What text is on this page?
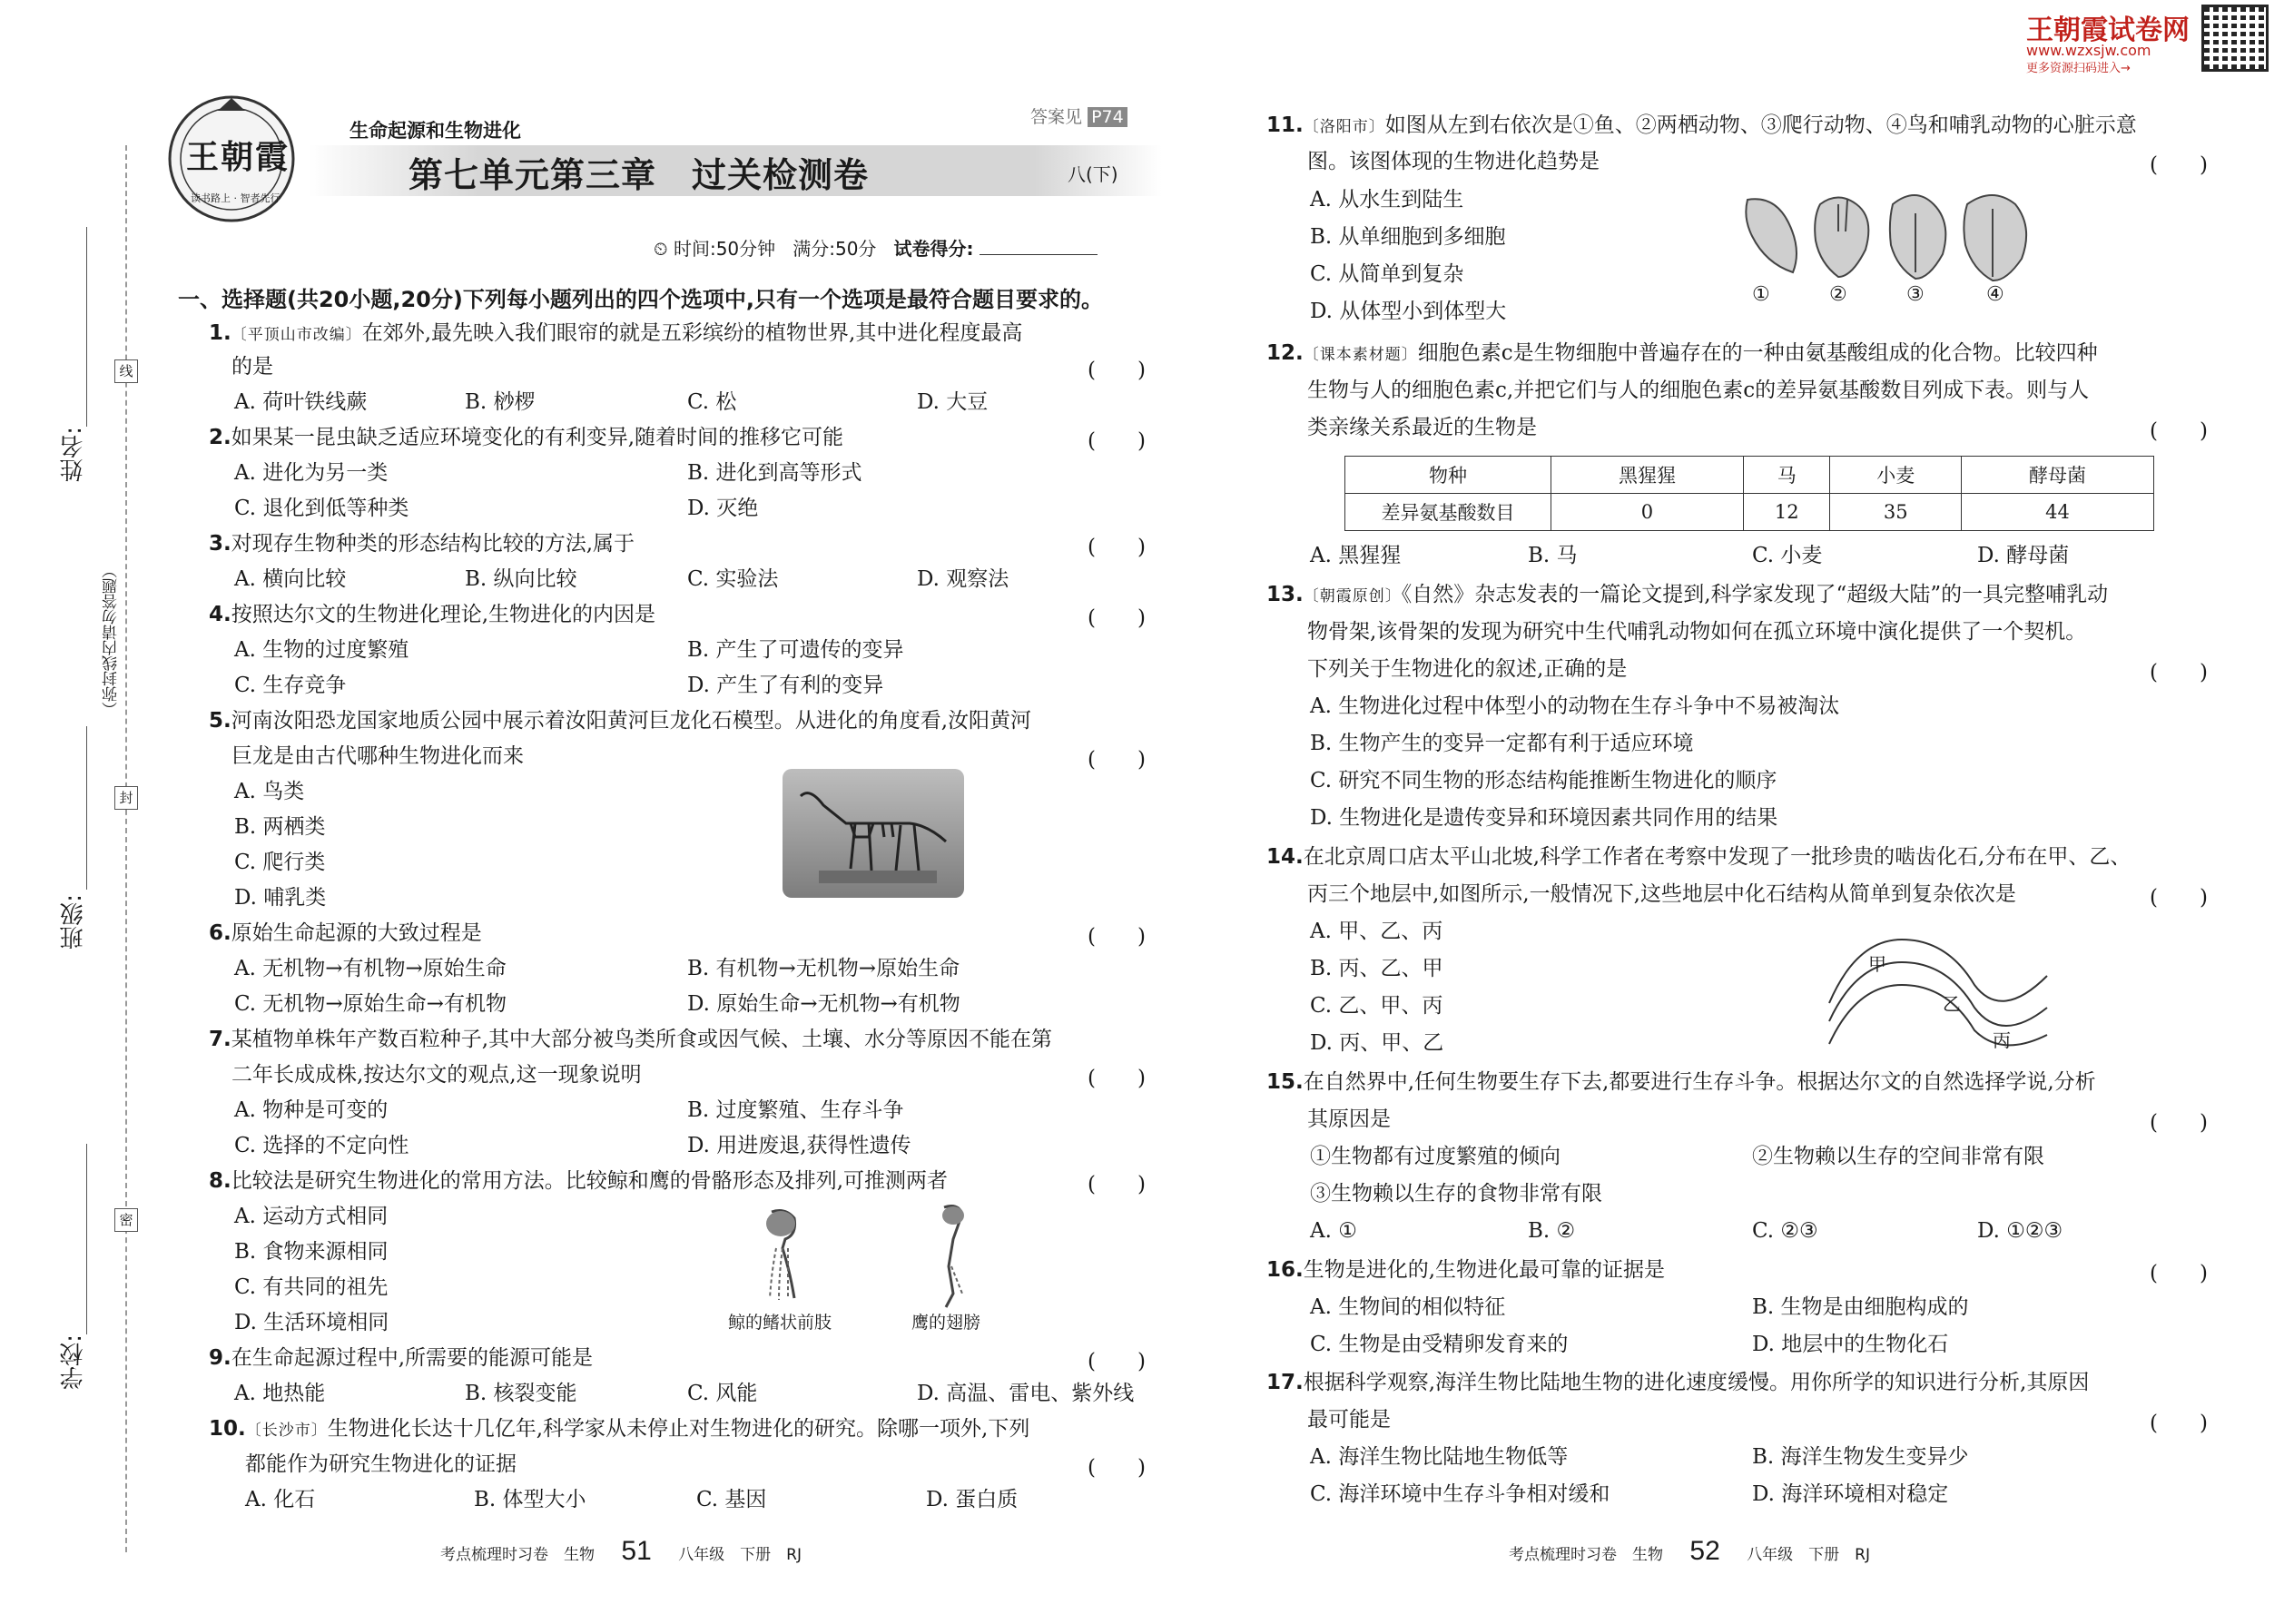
线
封
密
（弥封线内请勿答题）
姓名:
班级:
学校:
王朝霞
读书路上 · 智者先行
生命起源和生物进化
答案见 P74
第七单元第三章　过关检测卷	八(下)
⏲ 时间:50分钟 满分:50分 试卷得分:
一、选择题(共20小题,20分)下列每小题列出的四个选项中,只有一个选项是最符合题目要求的。
1.〔平顶山市改编〕在郊外,最先映入我们眼帘的就是五彩缤纷的植物世界,其中进化程度最高
的是	(　　)
A. 荷叶铁线蕨	B. 桫椤	C. 松	D. 大豆
2.如果某一昆虫缺乏适应环境变化的有利变异,随着时间的推移它可能	(　　)
A. 进化为另一类	B. 进化到高等形式
C. 退化到低等种类	D. 灭绝
3.对现存生物种类的形态结构比较的方法,属于	(　　)
A. 横向比较	B. 纵向比较	C. 实验法	D. 观察法
4.按照达尔文的生物进化理论,生物进化的内因是	(　　)
A. 生物的过度繁殖	B. 产生了可遗传的变异
C. 生存竞争	D. 产生了有利的变异
5.河南汝阳恐龙国家地质公园中展示着汝阳黄河巨龙化石模型。从进化的角度看,汝阳黄河
巨龙是由古代哪种生物进化而来	(　　)
A. 鸟类
B. 两栖类
C. 爬行类
D. 哺乳类
6.原始生命起源的大致过程是	(　　)
A. 无机物→有机物→原始生命	B. 有机物→无机物→原始生命
C. 无机物→原始生命→有机物	D. 原始生命→无机物→有机物
7.某植物单株年产数百粒种子,其中大部分被鸟类所食或因气候、土壤、水分等原因不能在第
二年长成成株,按达尔文的观点,这一现象说明	(　　)
A. 物种是可变的	B. 过度繁殖、生存斗争
C. 选择的不定向性	D. 用进废退,获得性遗传
8.比较法是研究生物进化的常用方法。比较鲸和鹰的骨骼形态及排列,可推测两者	(　　)
A. 运动方式相同
B. 食物来源相同
C. 有共同的祖先
D. 生活环境相同	鲸的鳍状前肢	鹰的翅膀
9.在生命起源过程中,所需要的能源可能是	(　　)
A. 地热能	B. 核裂变能	C. 风能	D. 高温、雷电、紫外线
10.〔长沙市〕生物进化长达十几亿年,科学家从未停止对生物进化的研究。除哪一项外,下列
都能作为研究生物进化的证据	(　　)
A. 化石	B. 体型大小	C. 基因	D. 蛋白质
考点梳理时习卷　生物 51 八年级　下册　RJ
王朝霞试卷网
www.wzxsjw.com
更多资源扫码进入→
11.〔洛阳市〕如图从左到右依次是①鱼、②两栖动物、③爬行动物、④鸟和哺乳动物的心脏示意
图。该图体现的生物进化趋势是	(　　)
A. 从水生到陆生
B. 从单细胞到多细胞
C. 从简单到复杂
D. 从体型小到体型大
①	②	③	④
12.〔课本素材题〕细胞色素c是生物细胞中普遍存在的一种由氨基酸组成的化合物。比较四种
生物与人的细胞色素c,并把它们与人的细胞色素c的差异氨基酸数目列成下表。则与人
类亲缘关系最近的生物是	(　　)
物种	黑猩猩	马	小麦	酵母菌
差异氨基酸数目	0	12	35	44
A. 黑猩猩	B. 马	C. 小麦	D. 酵母菌
13.〔朝霞原创〕《自然》杂志发表的一篇论文提到,科学家发现了“超级大陆”的一具完整哺乳动
物骨架,该骨架的发现为研究中生代哺乳动物如何在孤立环境中演化提供了一个契机。
下列关于生物进化的叙述,正确的是	(　　)
A. 生物进化过程中体型小的动物在生存斗争中不易被淘汰
B. 生物产生的变异一定都有利于适应环境
C. 研究不同生物的形态结构能推断生物进化的顺序
D. 生物进化是遗传变异和环境因素共同作用的结果
14.在北京周口店太平山北坡,科学工作者在考察中发现了一批珍贵的啮齿化石,分布在甲、乙、
丙三个地层中,如图所示,一般情况下,这些地层中化石结构从简单到复杂依次是	(　　)
A. 甲、乙、丙
B. 丙、乙、甲
C. 乙、甲、丙
D. 丙、甲、乙
甲
乙
丙
15.在自然界中,任何生物要生存下去,都要进行生存斗争。根据达尔文的自然选择学说,分析
其原因是	(　　)
①生物都有过度繁殖的倾向	②生物赖以生存的空间非常有限
③生物赖以生存的食物非常有限
A. ①	B. ②	C. ②③	D. ①②③
16.生物是进化的,生物进化最可靠的证据是	(　　)
A. 生物间的相似特征	B. 生物是由细胞构成的
C. 生物是由受精卵发育来的	D. 地层中的生物化石
17.根据科学观察,海洋生物比陆地生物的进化速度缓慢。用你所学的知识进行分析,其原因
最可能是	(　　)
A. 海洋生物比陆地生物低等	B. 海洋生物发生变异少
C. 海洋环境中生存斗争相对缓和	D. 海洋环境相对稳定
考点梳理时习卷　生物 52 八年级　下册　RJ
